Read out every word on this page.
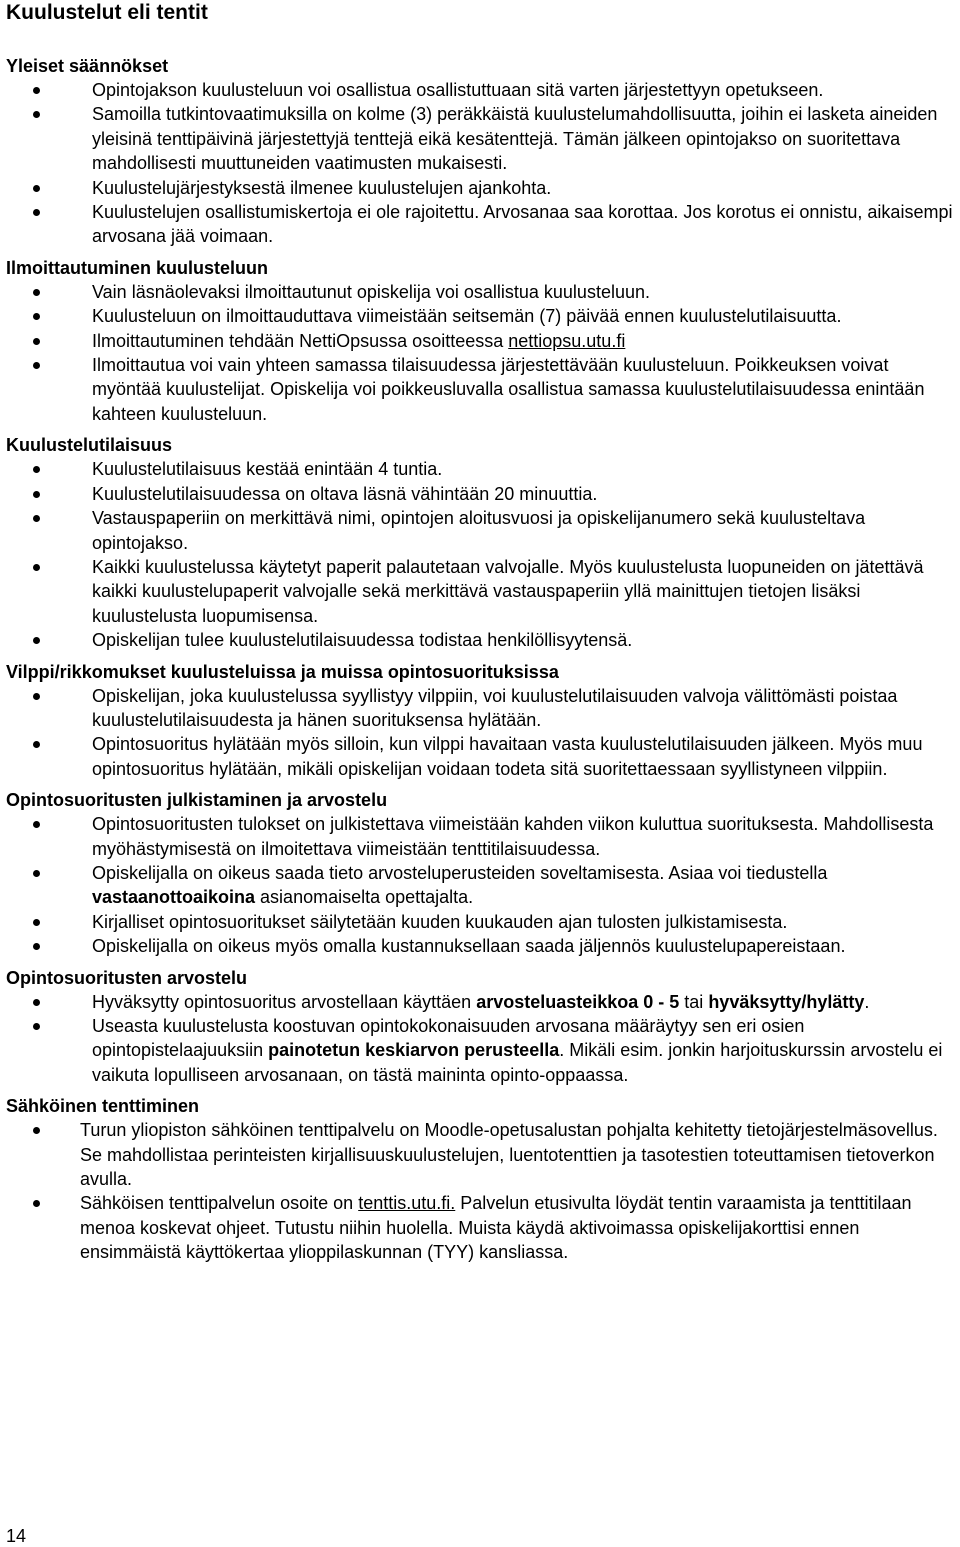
Kuulustelut eli tentit
Yleiset säännökset
Opintojakson kuulusteluun voi osallistua osallistuttuaan sitä varten järjestettyyn opetukseen.
Samoilla tutkintovaatimuksilla on kolme (3) peräkkäistä kuulustelumahdollisuutta, joihin ei lasketa aineiden yleisinä tenttipäivinä järjestettyjä tenttejä eikä kesätenttejä. Tämän jälkeen opintojakso on suoritettava mahdollisesti muuttuneiden vaatimusten mukaisesti.
Kuulustelujärjestyksestä ilmenee kuulustelujen ajankohta.
Kuulustelujen osallistumiskertoja ei ole rajoitettu. Arvosanaa saa korottaa. Jos korotus ei onnistu, aikaisempi arvosana jää voimaan.
Ilmoittautuminen kuulusteluun
Vain läsnäolevaksi ilmoittautunut opiskelija voi osallistua kuulusteluun.
Kuulusteluun on ilmoittauduttava viimeistään seitsemän (7) päivää ennen kuulustelutilaisuutta.
Ilmoittautuminen tehdään NettiOpsussa osoitteessa nettiopsu.utu.fi
Ilmoittautua voi vain yhteen samassa tilaisuudessa järjestettävään kuulusteluun. Poikkeuksen voivat myöntää kuulustelijat. Opiskelija voi poikkeusluvalla osallistua samassa kuulustelutilaisuudessa enintään kahteen kuulusteluun.
Kuulustelutilaisuus
Kuulustelutilaisuus kestää enintään 4 tuntia.
Kuulustelutilaisuudessa on oltava läsnä vähintään 20 minuuttia.
Vastauspaperiin on merkittävä nimi, opintojen aloitusvuosi ja opiskelijanumero sekä kuulusteltava opintojakso.
Kaikki kuulustelussa käytetyt paperit palautetaan valvojalle. Myös kuulustelusta luopuneiden on jätettävä kaikki kuulustelupaperit valvojalle sekä merkittävä vastauspaperiin yllä mainittujen tietojen lisäksi kuulustelusta luopumisensa.
Opiskelijan tulee kuulustelutilaisuudessa todistaa henkilöllisyytensä.
Vilppi/rikkomukset kuulusteluissa ja muissa opintosuorituksissa
Opiskelijan, joka kuulustelussa syyllistyy vilppiin, voi kuulustelutilaisuuden valvoja välittömästi poistaa kuulustelutilaisuudesta ja hänen suorituksensa hylätään.
Opintosuoritus hylätään myös silloin, kun vilppi havaitaan vasta kuulustelutilaisuuden jälkeen. Myös muu opintosuoritus hylätään, mikäli opiskelijan voidaan todeta sitä suoritettaessaan syyllistyneen vilppiin.
Opintosuoritusten julkistaminen ja arvostelu
Opintosuoritusten tulokset on julkistettava viimeistään kahden viikon kuluttua suorituksesta. Mahdollisesta myöhästymisestä on ilmoitettava viimeistään tenttitilaisuudessa.
Opiskelijalla on oikeus saada tieto arvosteluperusteiden soveltamisesta. Asiaa voi tiedustella vastaanottoaikoina asianomaiselta opettajalta.
Kirjalliset opintosuoritukset säilytetään kuuden kuukauden ajan tulosten julkistamisesta.
Opiskelijalla on oikeus myös omalla kustannuksellaan saada jäljennös kuulustelupapereistaan.
Opintosuoritusten arvostelu
Hyväksytty opintosuoritus arvostellaan käyttäen arvosteluasteikkoa 0 - 5 tai hyväksytty/hylätty.
Useasta kuulustelusta koostuvan opintokokonaisuuden arvosana määräytyy sen eri osien opintopistelaajuuksiin painotetun keskiarvon perusteella. Mikäli esim. jonkin harjoituskurssin arvostelu ei vaikuta lopulliseen arvosanaan, on tästä maininta opinto-oppaassa.
Sähköinen tenttiminen
Turun yliopiston sähköinen tenttipalvelu on Moodle-opetusalustan pohjalta kehitetty tietojärjestelmäsovellus. Se mahdollistaa perinteisten kirjallisuuskuulustelujen, luentotenttien ja tasotestien toteuttamisen tietoverkon avulla.
Sähköisen tenttipalvelun osoite on tenttis.utu.fi. Palvelun etusivulta löydät tentin varaamista ja tenttitilaan menoa koskevat ohjeet. Tutustu niihin huolella. Muista käydä aktivoimassa opiskelijakorttisi ennen ensimmäistä käyttökertaa ylioppilaskunnan (TYY) kansliassa.
14
